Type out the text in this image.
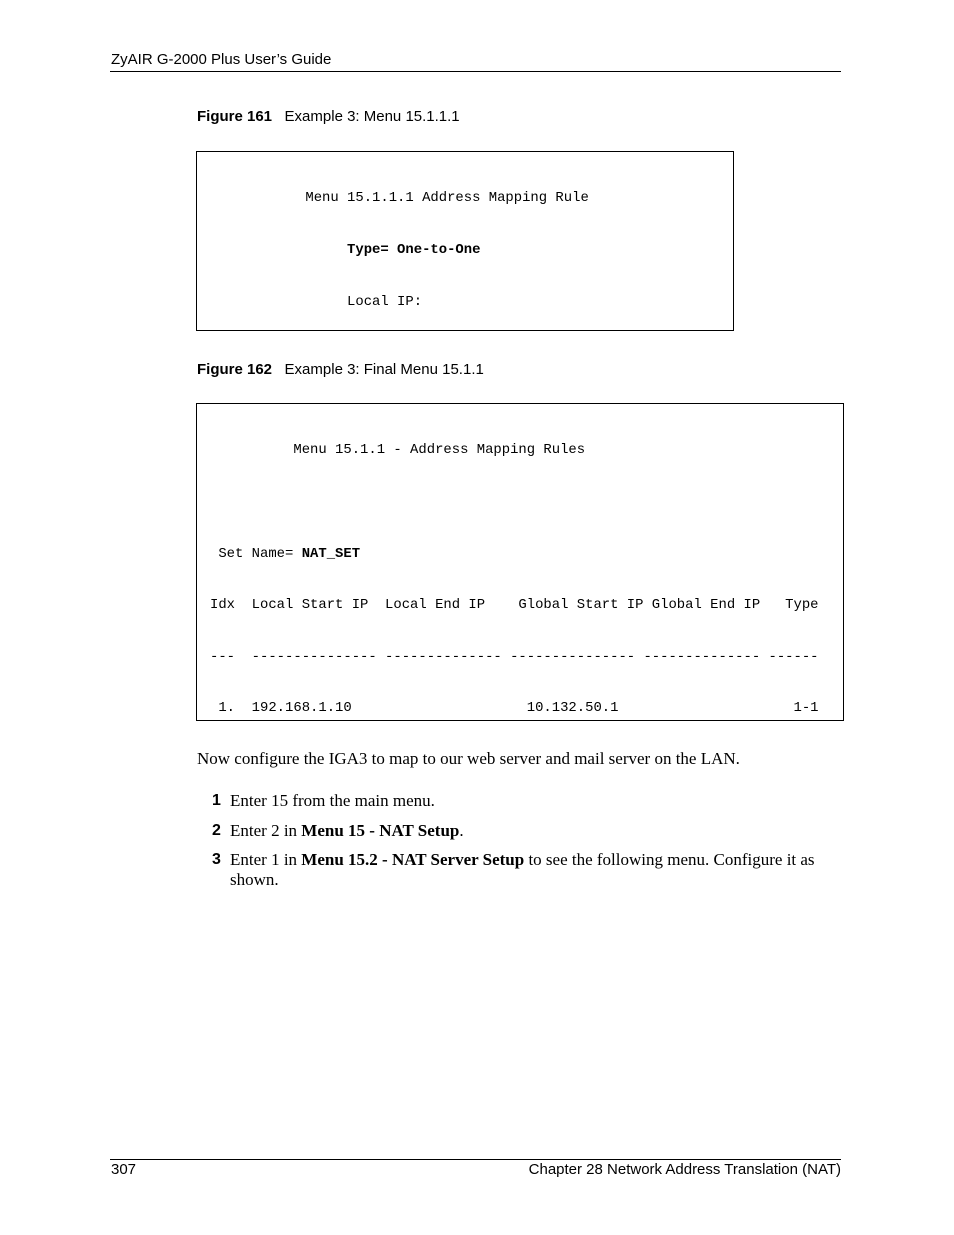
ZyAIR G-2000 Plus User’s Guide
Figure 161 Example 3: Menu 15.1.1.1

Menu 15.1.1.1 Address Mapping Rule

Type= One-to-One

Local IP:

Figure 162 Example 3: Final Menu 15.1.1

Menu 15.1.1 - Address Mapping Rules

Set Name= NAT_SET

Idx  Local Start IP  Local End IP    Global Start IP Global End IP   Type

---  --------------- -------------- --------------- -------------- ------

1.  192.168.1.10                     10.132.50.1                     1-1

Now configure the IGA3 to map to our web server and mail server on the LAN.
1 Enter 15 from the main menu.
2 Enter 2 in Menu 15 - NAT Setup.
3 Enter 1 in Menu 15.2 - NAT Server Setup to see the following menu. Configure it as shown.
307	Chapter 28 Network Address Translation (NAT)
